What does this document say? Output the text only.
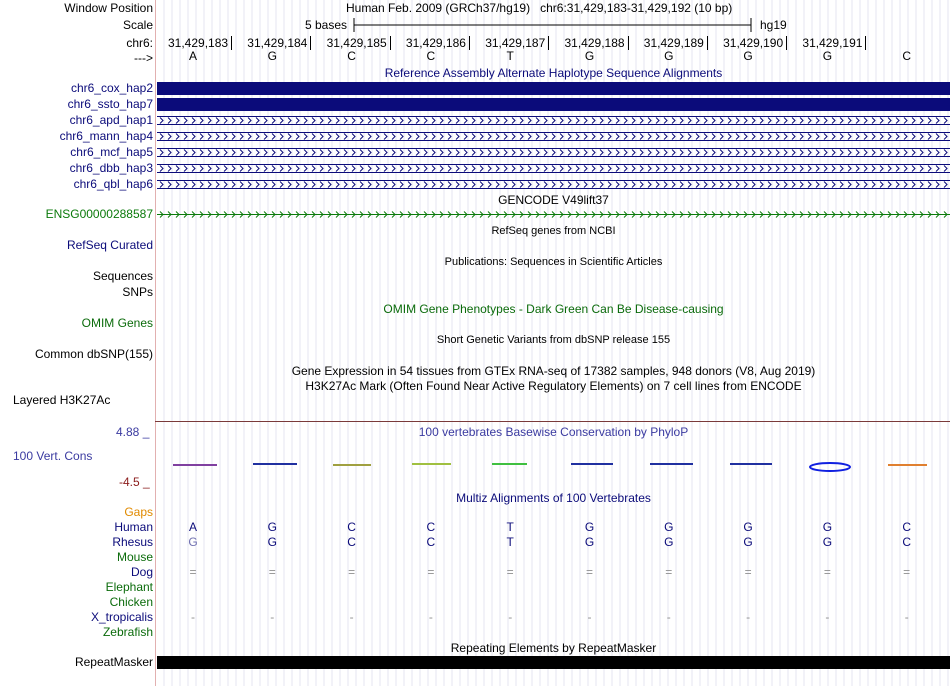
Window Position	Human Feb. 2009 (GRCh37/hg19) chr6:31,429,183-31,429,192 (10 bp)
Scale	5 bases	hg19
chr6: 31,429,183	31,429,184	31,429,185	31,429,186	31,429,187	31,429,188	31,429,189	31,429,190	31,429,191
--->	A	G	C	C	T	G	G	G	G	C
Reference Assembly Alternate Haplotype Sequence Alignments
chr6_cox_hap2
chr6_ssto_hap7
chr6_apd_hap1
chr6_mann_hap4
chr6_mcf_hap5
chr6_dbb_hap3
chr6_qbl_hap6
GENCODE V49lift37
ENSG00000288587
RefSeq Curated
RefSeq genes from NCBI
Publications: Sequences in Scientific Articles
Sequences
SNPs
OMIM Gene Phenotypes - Dark Green Can Be Disease-causing
OMIM Genes
Short Genetic Variants from dbSNP release 155
Common dbSNP(155)
Gene Expression in 54 tissues from GTEx RNA-seq of 17382 samples, 948 donors (V8, Aug 2019)
H3K27Ac Mark (Often Found Near Active Regulatory Elements) on 7 cell lines from ENCODE
Layered H3K27Ac
100 vertebrates Basewise Conservation by PhyloP
4.88 _
100 Vert. Cons
-4.5 _
Multiz Alignments of 100 Vertebrates
Gaps
Human	A	G	C	C	T	G	G	G	G	C
Rhesus	G	G	C	C	T	G	G	G	G	C
Mouse
Dog	=	=	=	=	=	=	=	=	=	=
Elephant
Chicken
X_tropicalis	-	-	-	-	-	-	-	-	-	-
Zebrafish
Repeating Elements by RepeatMasker
RepeatMasker
